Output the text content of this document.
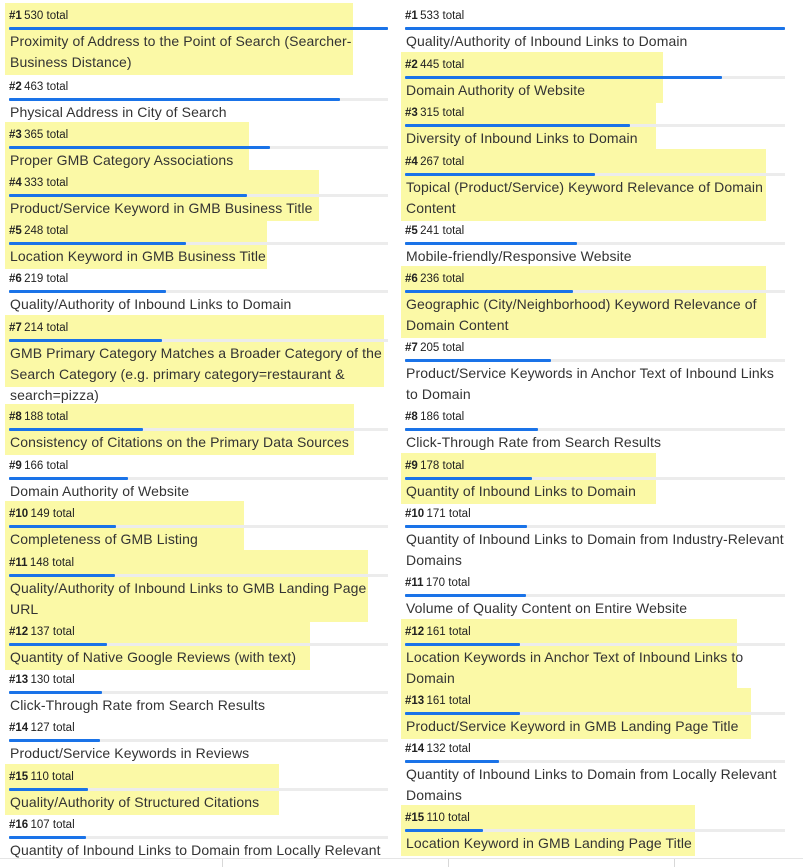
#1  530 total
Proximity of Address to the Point of Search (Searcher-Business Distance)
#2  463 total
Physical Address in City of Search
#3  365 total
Proper GMB Category Associations
#4  333 total
Product/Service Keyword in GMB Business Title
#5  248 total
Location Keyword in GMB Business Title
#6  219 total
Quality/Authority of Inbound Links to Domain
#7  214 total
GMB Primary Category Matches a Broader Category of the Search Category (e.g. primary category=restaurant & search=pizza)
#8  188 total
Consistency of Citations on the Primary Data Sources
#9  166 total
Domain Authority of Website
#10  149 total
Completeness of GMB Listing
#11  148 total
Quality/Authority of Inbound Links to GMB Landing Page URL
#12  137 total
Quantity of Native Google Reviews (with text)
#13  130 total
Click-Through Rate from Search Results
#14  127 total
Product/Service Keywords in Reviews
#15  110 total
Quality/Authority of Structured Citations
#16  107 total
Quantity of Inbound Links to Domain from Locally Relevant
#1  533 total
Quality/Authority of Inbound Links to Domain
#2  445 total
Domain Authority of Website
#3  315 total
Diversity of Inbound Links to Domain
#4  267 total
Topical (Product/Service) Keyword Relevance of Domain Content
#5  241 total
Mobile-friendly/Responsive Website
#6  236 total
Geographic (City/Neighborhood) Keyword Relevance of Domain Content
#7  205 total
Product/Service Keywords in Anchor Text of Inbound Links to Domain
#8  186 total
Click-Through Rate from Search Results
#9  178 total
Quantity of Inbound Links to Domain
#10  171 total
Quantity of Inbound Links to Domain from Industry-Relevant Domains
#11  170 total
Volume of Quality Content on Entire Website
#12  161 total
Location Keywords in Anchor Text of Inbound Links to Domain
#13  161 total
Product/Service Keyword in GMB Landing Page Title
#14  132 total
Quantity of Inbound Links to Domain from Locally Relevant Domains
#15  110 total
Location Keyword in GMB Landing Page Title
